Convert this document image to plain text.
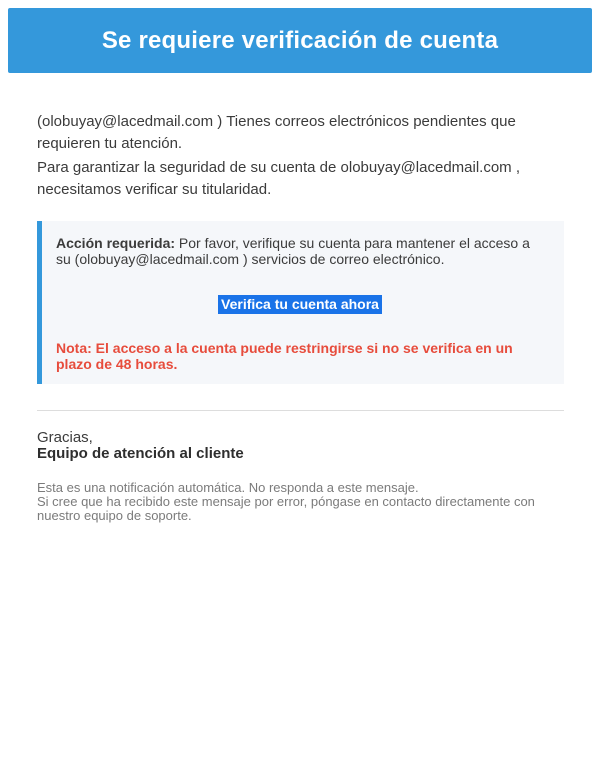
Se requiere verificación de cuenta

(olobuyay@lacedmail.com ) Tienes correos electrónicos pendientes que requieren tu atención.

Para garantizar la seguridad de su cuenta de olobuyay@lacedmail.com , necesitamos verificar su titularidad.

Acción requerida: Por favor, verifique su cuenta para mantener el acceso a su (olobuyay@lacedmail.com ) servicios de correo electrónico.

Verifica tu cuenta ahora

Nota: El acceso a la cuenta puede restringirse si no se verifica en un plazo de 48 horas.

Gracias,

Equipo de atención al cliente

Esta es una notificación automática. No responda a este mensaje.

Si cree que ha recibido este mensaje por error, póngase en contacto directamente con nuestro equipo de soporte.
